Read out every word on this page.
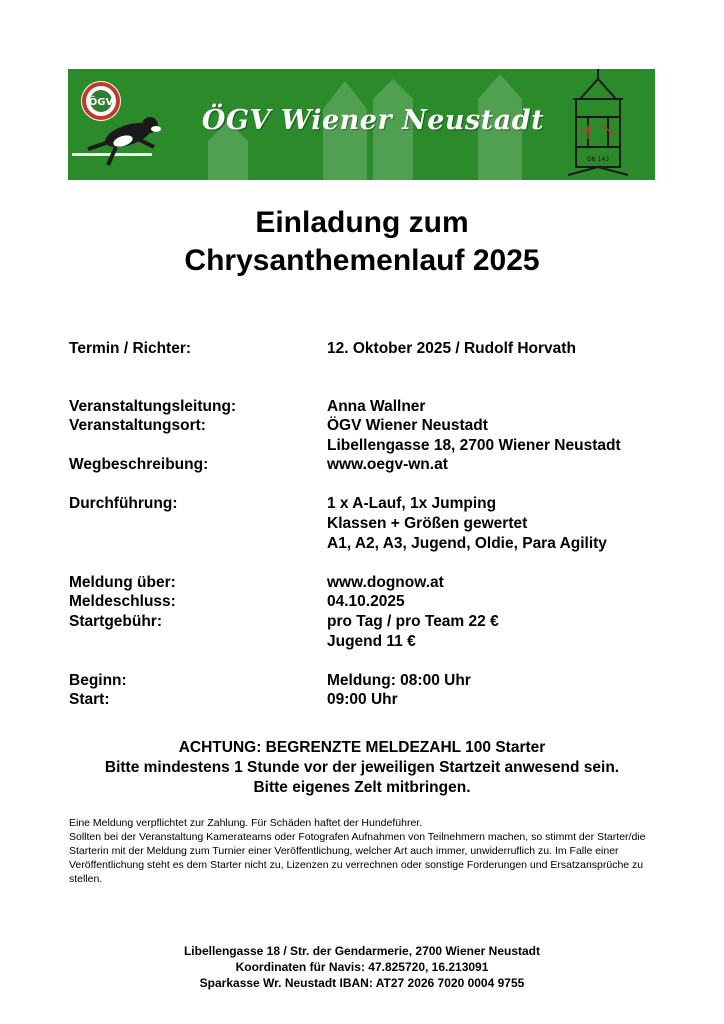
ÖGV
OB 143
ÖGV Wiener Neustadt
Einladung zum
Chrysanthemenlauf 2025
Termin / Richter:	12. Oktober 2025 / Rudolf Horvath
Veranstaltungsleitung:	Anna Wallner
Veranstaltungsort:	ÖGV Wiener Neustadt
Libellengasse 18, 2700 Wiener Neustadt
Wegbeschreibung:	www.oegv-wn.at
Durchführung:	1 x A-Lauf, 1x Jumping
Klassen + Größen gewertet
A1, A2, A3, Jugend, Oldie, Para Agility
Meldung über:	www.dognow.at
Meldeschluss:	04.10.2025
Startgebühr:	pro Tag / pro Team 22 €
Jugend 11 €
Beginn:	Meldung: 08:00 Uhr
Start:	09:00 Uhr
ACHTUNG: BEGRENZTE MELDEZAHL 100 Starter
Bitte mindestens 1 Stunde vor der jeweiligen Startzeit anwesend sein.
Bitte eigenes Zelt mitbringen.
Eine Meldung verpflichtet zur Zahlung. Für Schäden haftet der Hundeführer.
Sollten bei der Veranstaltung Kamerateams oder Fotografen Aufnahmen von Teilnehmern machen, so stimmt der Starter/die Starterin mit der Meldung zum Turnier einer Veröffentlichung, welcher Art auch immer, unwiderruflich zu. Im Falle einer Veröffentlichung steht es dem Starter nicht zu, Lizenzen zu verrechnen oder sonstige Forderungen und Ersatzansprüche zu stellen.
Libellengasse 18 / Str. der Gendarmerie, 2700 Wiener Neustadt
Koordinaten für Navis: 47.825720, 16.213091
Sparkasse Wr. Neustadt IBAN: AT27 2026 7020 0004 9755
